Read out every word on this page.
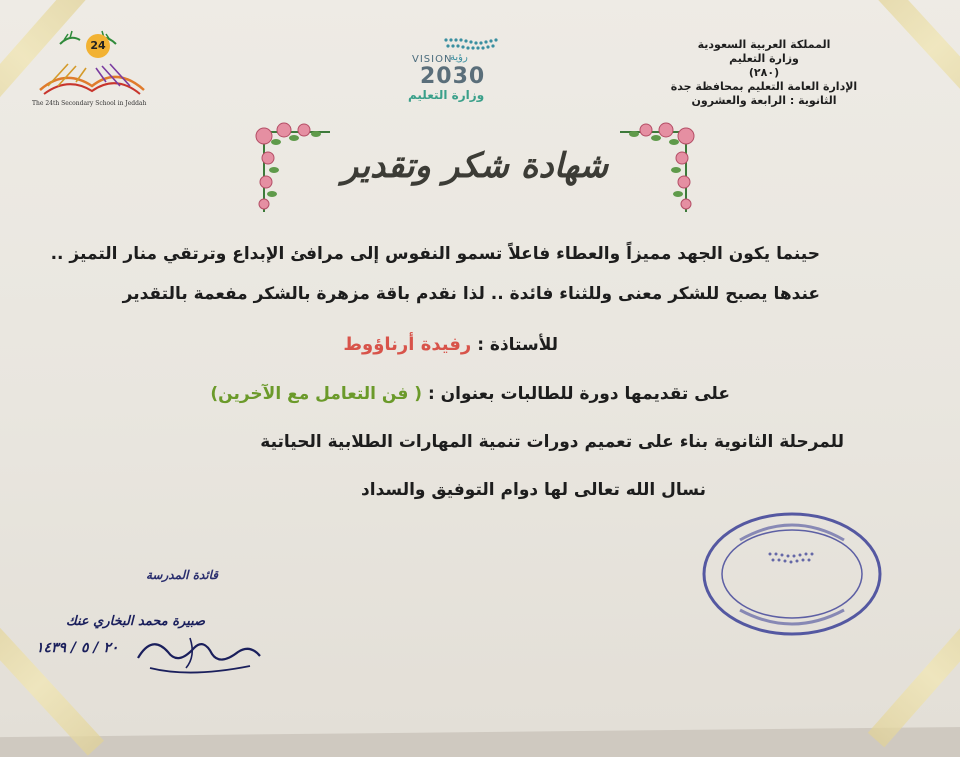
المملكة العربية السعودية
وزارة التعليم
(٢٨٠)
الإدارة العامة التعليم بمحافظة جدة
الثانوية : الرابعة والعشرون
VISION
رؤية
2030
وزارة التعليم
24
The 24th Secondary School in Jeddah
شهادة شكر وتقدير
حينما يكون الجهد مميزاً والعطاء فاعلاً تسمو النفوس إلى مرافئ الإبداع وترتقي منار التميز ..
عندها يصبح للشكر معنى وللثناء فائدة .. لذا نقدم باقة مزهرة بالشكر مفعمة بالتقدير
للأستاذة : رفيدة أرناؤوط
على تقديمها دورة للطالبات بعنوان : ( فن التعامل مع الآخرين)
للمرحلة الثانوية بناء على تعميم دورات تنمية المهارات الطلابية الحياتية
نسال الله تعالى لها دوام التوفيق والسداد
قائدة المدرسة
صبيرة محمد البخاري عنك
٢٠ / ٥ / ١٤٣٩
